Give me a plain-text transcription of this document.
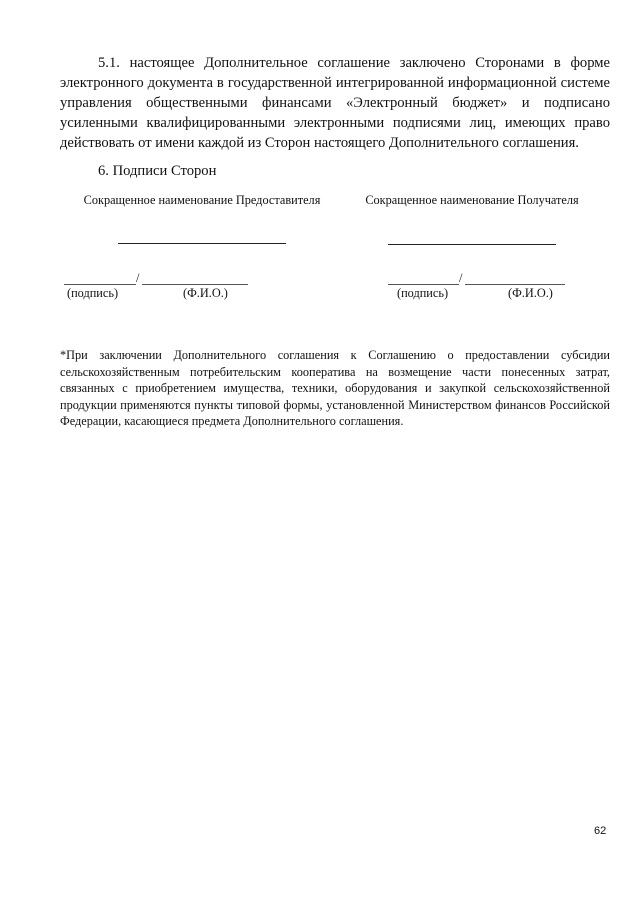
5.1. настоящее Дополнительное соглашение заключено Сторонами в форме электронного документа в государственной интегрированной информационной системе управления общественными финансами «Электронный бюджет» и подписано усиленными квалифицированными электронными подписями лиц, имеющих право действовать от имени каждой из Сторон настоящего Дополнительного соглашения.

6. Подписи Сторон
Сокращенное наименование Предоставителя
/
(подпись)	(Ф.И.О.)
Сокращенное наименование Получателя
/
(подпись)	(Ф.И.О.)

*При заключении Дополнительного соглашения к Соглашению о предоставлении субсидии сельскохозяйственным потребительским кооператива на возмещение части понесенных затрат, связанных с приобретением имущества, техники, оборудования и закупкой сельскохозяйственной продукции применяются пункты типовой формы, установленной Министерством финансов Российской Федерации, касающиеся предмета Дополнительного соглашения.

62
